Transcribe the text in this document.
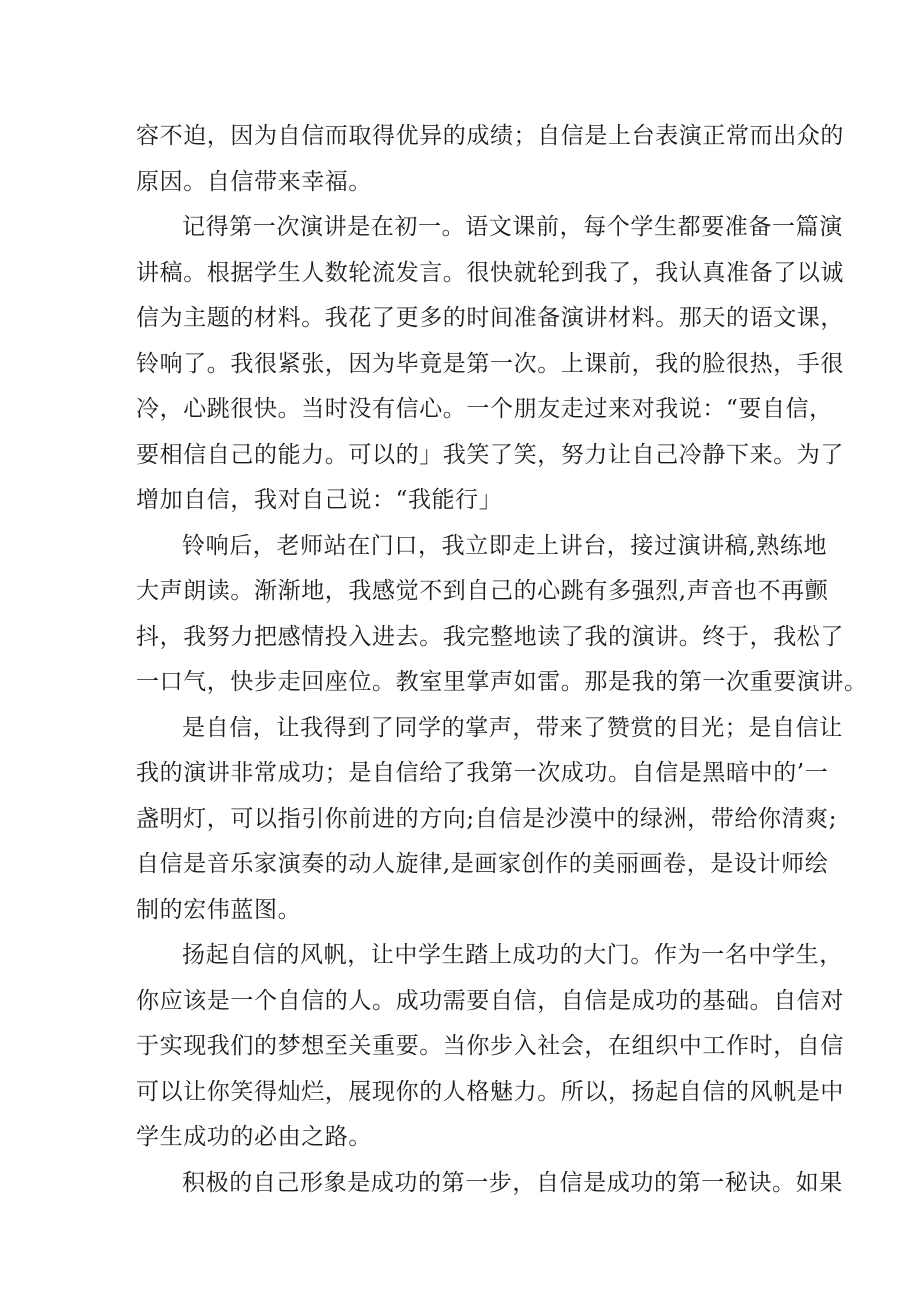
容不迫，因为自信而取得优异的成绩；自信是上台表演正常而出众的
原因。自信带来幸福。

记得第一次演讲是在初一。语文课前，每个学生都要准备一篇演
讲稿。根据学生人数轮流发言。很快就轮到我了，我认真准备了以诚
信为主题的材料。我花了更多的时间准备演讲材料。那天的语文课，
铃响了。我很紧张，因为毕竟是第一次。上课前，我的脸很热，手很
冷，心跳很快。当时没有信心。一个朋友走过来对我说：“要自信，
要相信自己的能力。可以的」我笑了笑，努力让自己冷静下来。为了
增加自信，我对自己说：“我能行｣

铃响后，老师站在门口，我立即走上讲台，接过演讲稿,熟练地
大声朗读。渐渐地，我感觉不到自己的心跳有多强烈,声音也不再颤
抖，我努力把感情投入进去。我完整地读了我的演讲。终于，我松了
一口气，快步走回座位。教室里掌声如雷。那是我的第一次重要演讲。

是自信，让我得到了同学的掌声，带来了赞赏的目光；是自信让
我的演讲非常成功；是自信给了我第一次成功。自信是黑暗中的’一
盏明灯，可以指引你前进的方向;自信是沙漠中的绿洲，带给你清爽;
自信是音乐家演奏的动人旋律,是画家创作的美丽画卷，是设计师绘
制的宏伟蓝图。

扬起自信的风帆，让中学生踏上成功的大门。作为一名中学生，
你应该是一个自信的人。成功需要自信，自信是成功的基础。自信对
于实现我们的梦想至关重要。当你步入社会，在组织中工作时，自信
可以让你笑得灿烂，展现你的人格魅力。所以，扬起自信的风帆是中
学生成功的必由之路。

积极的自己形象是成功的第一步，自信是成功的第一秘诀。如果
